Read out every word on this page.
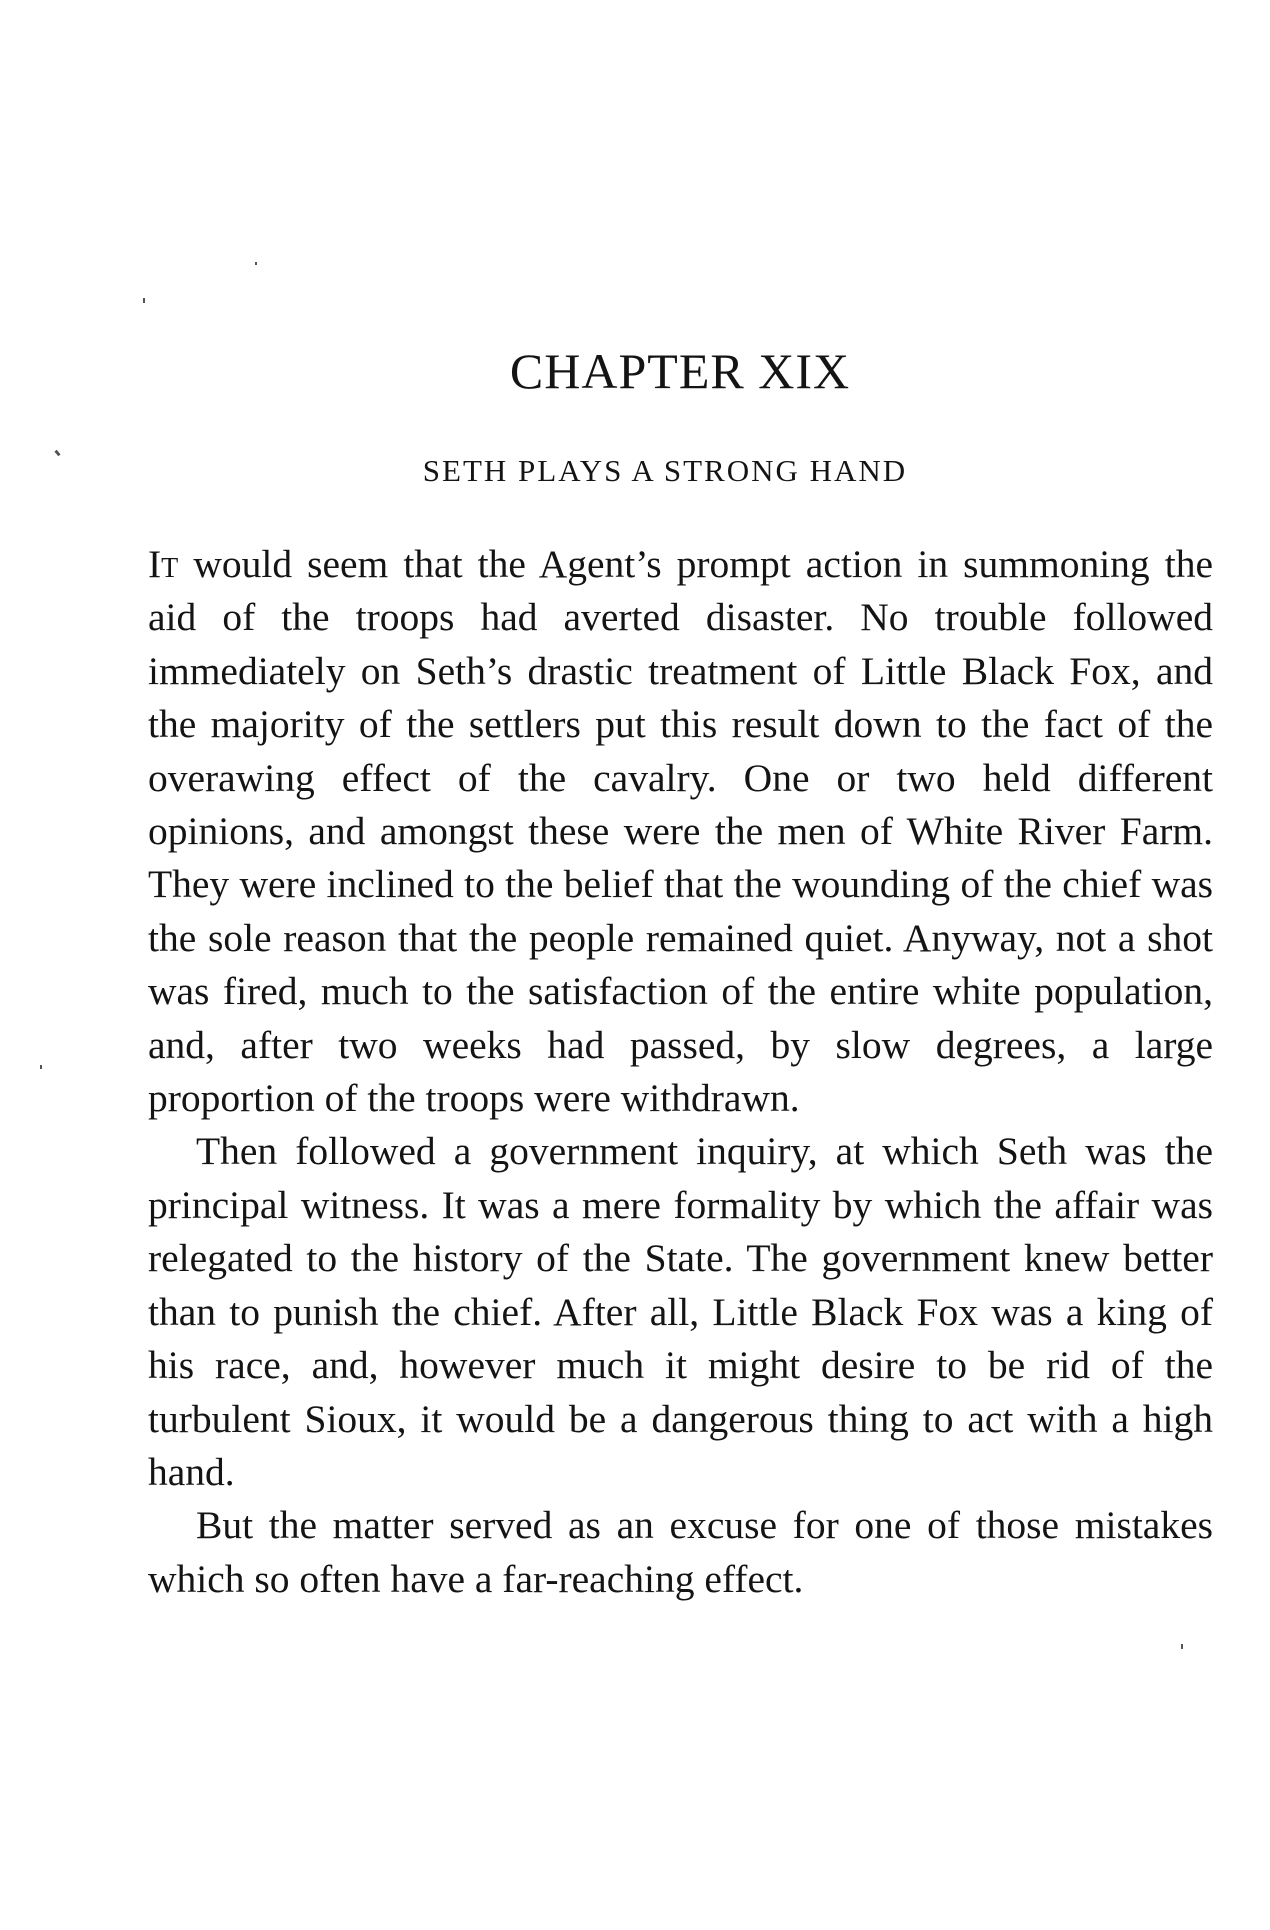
CHAPTER XIX
SETH PLAYS A STRONG HAND

It would seem that the Agent’s prompt action in summoning the aid of the troops had averted disaster. No trouble followed immediately on Seth’s drastic treatment of Little Black Fox, and the majority of the settlers put this result down to the fact of the overawing effect of the cavalry. One or two held different opinions, and amongst these were the men of White River Farm. They were inclined to the belief that the wounding of the chief was the sole reason that the people remained quiet. Anyway, not a shot was fired, much to the satisfaction of the entire white population, and, after two weeks had passed, by slow degrees, a large proportion of the troops were withdrawn.

Then followed a government inquiry, at which Seth was the principal witness. It was a mere formality by which the affair was relegated to the history of the State. The government knew better than to punish the chief. After all, Little Black Fox was a king of his race, and, however much it might desire to be rid of the turbulent Sioux, it would be a dangerous thing to act with a high hand.

But the matter served as an excuse for one of those mistakes which so often have a far-reaching effect.
